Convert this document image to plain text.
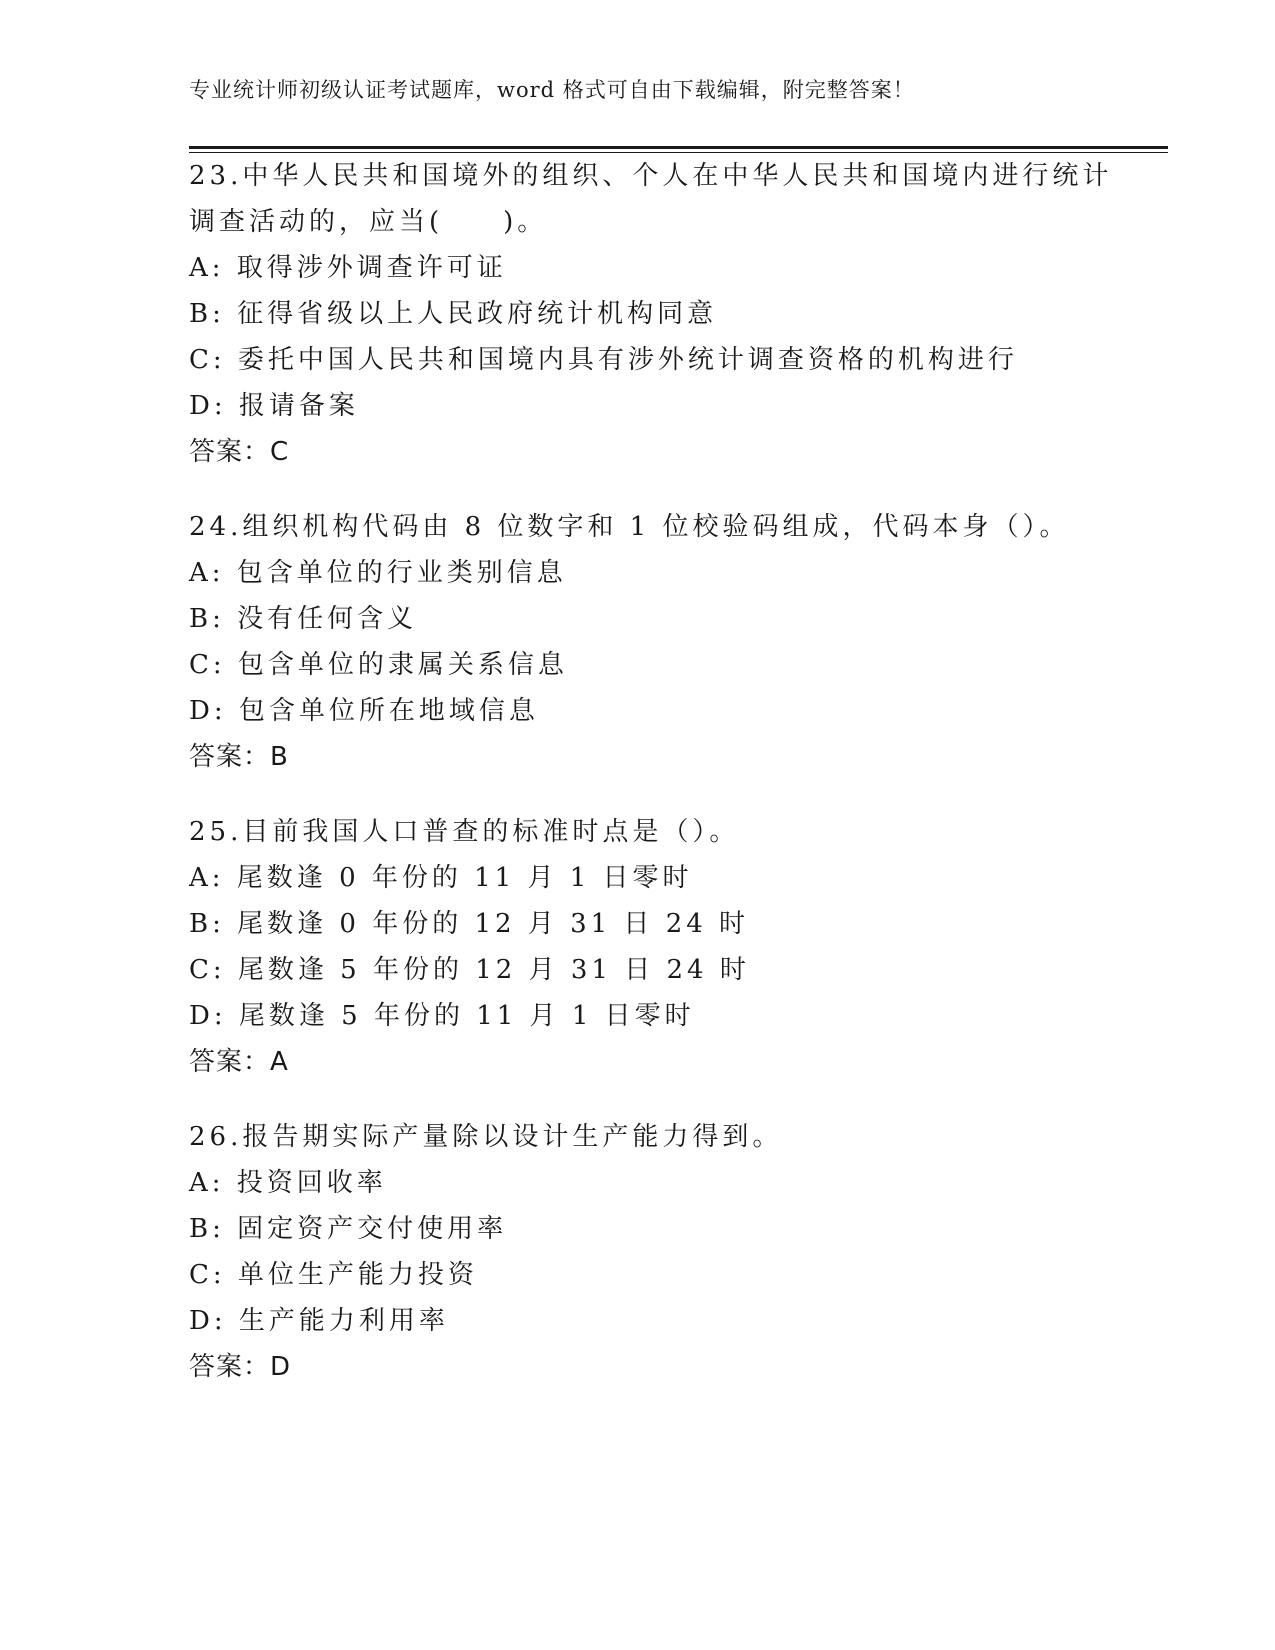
专业统计师初级认证考试题库，word 格式可自由下载编辑，附完整答案！
23.中华人民共和国境外的组织、个人在中华人民共和国境内进行统计
调查活动的，应当(　　)。
A: 取得涉外调查许可证
B: 征得省级以上人民政府统计机构同意
C: 委托中国人民共和国境内具有涉外统计调查资格的机构进行
D: 报请备案
答案：C
24.组织机构代码由 8 位数字和 1 位校验码组成，代码本身（）。
A: 包含单位的行业类别信息
B: 没有任何含义
C: 包含单位的隶属关系信息
D: 包含单位所在地域信息
答案：B
25.目前我国人口普查的标准时点是（）。
A: 尾数逢 0 年份的 11 月 1 日零时
B: 尾数逢 0 年份的 12 月 31 日 24 时
C: 尾数逢 5 年份的 12 月 31 日 24 时
D: 尾数逢 5 年份的 11 月 1 日零时
答案：A
26.报告期实际产量除以设计生产能力得到。
A: 投资回收率
B: 固定资产交付使用率
C: 单位生产能力投资
D: 生产能力利用率
答案：D
